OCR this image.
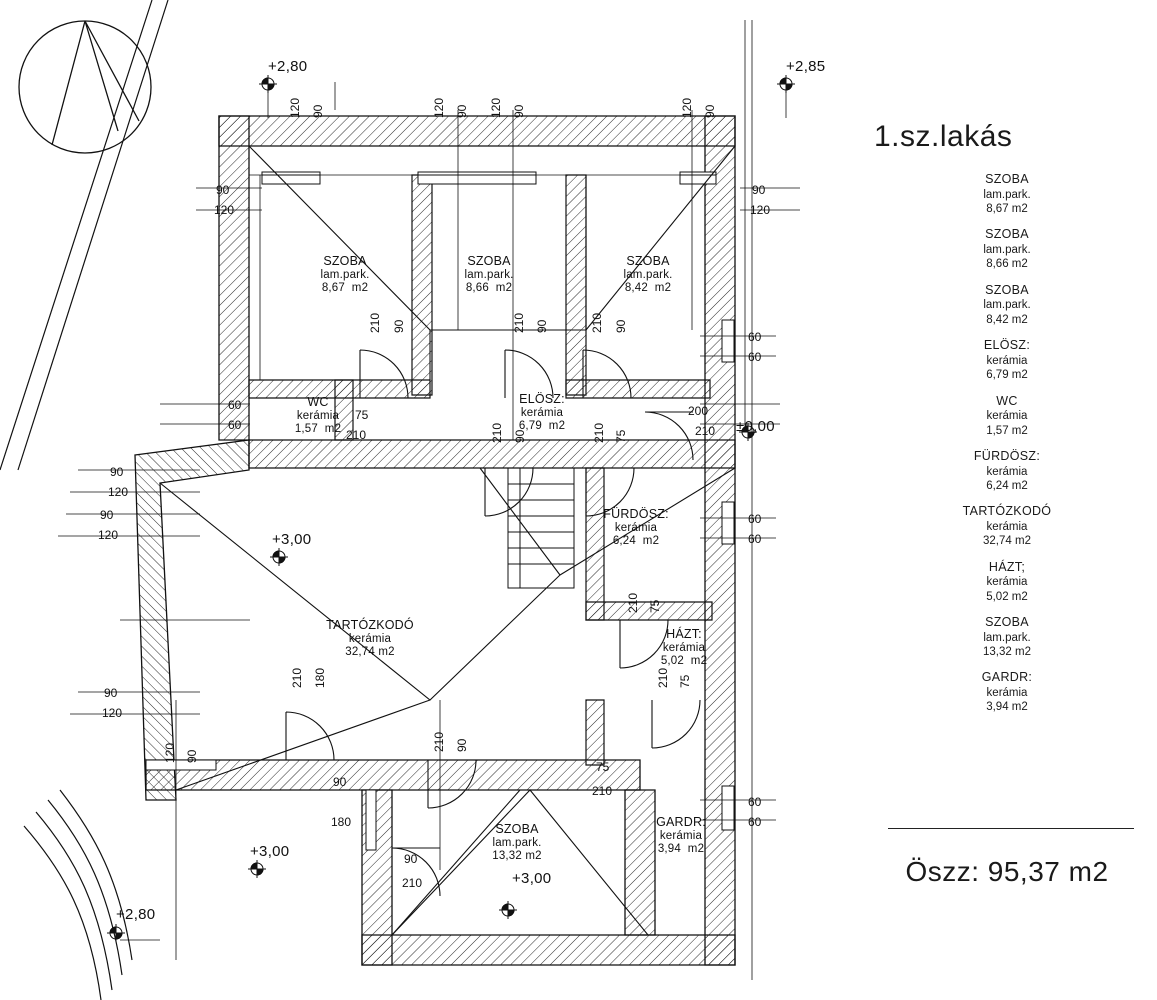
SZOBA
lam.park.
8,67  m2
SZOBA
lam.park.
8,66  m2
SZOBA
lam.park.
8,42  m2
ELÖSZ:
kerámia
6,79  m2
WC
kerámia
1,57  m2
FÜRDÖSZ:
kerámia
6,24  m2
TARTÓZKODÓ
kerámia
32,74 m2
HÁZT:
kerámia
5,02  m2
SZOBA
lam.park.
13,32 m2
GARDR:
kerámia
3,94  m2
+2,80	+2,85
±0,00
+3,00
+3,00
+3,00
+2,80
120 90	120 90 120 90	120 90
90
120
90
120
210 90	210 90	210 90
60
60
60
60
75
210
200
210
210 90	210 75
90
120
90
120
60
60
210 75
210 75
90
120
210 180
120 90
210 90
75
210
90
180
90
210
60
60
1.sz.lakás
SZOBA
lam.park.
8,67 m2
SZOBA
lam.park.
8,66 m2
SZOBA
lam.park.
8,42 m2
ELÖSZ:
kerámia
6,79 m2
WC
kerámia
1,57 m2
FÜRDÖSZ:
kerámia
6,24 m2
TARTÓZKODÓ
kerámia
32,74 m2
HÁZT;
kerámia
5,02 m2
SZOBA
lam.park.
13,32 m2
GARDR:
kerámia
3,94 m2
Öszz: 95,37 m2
